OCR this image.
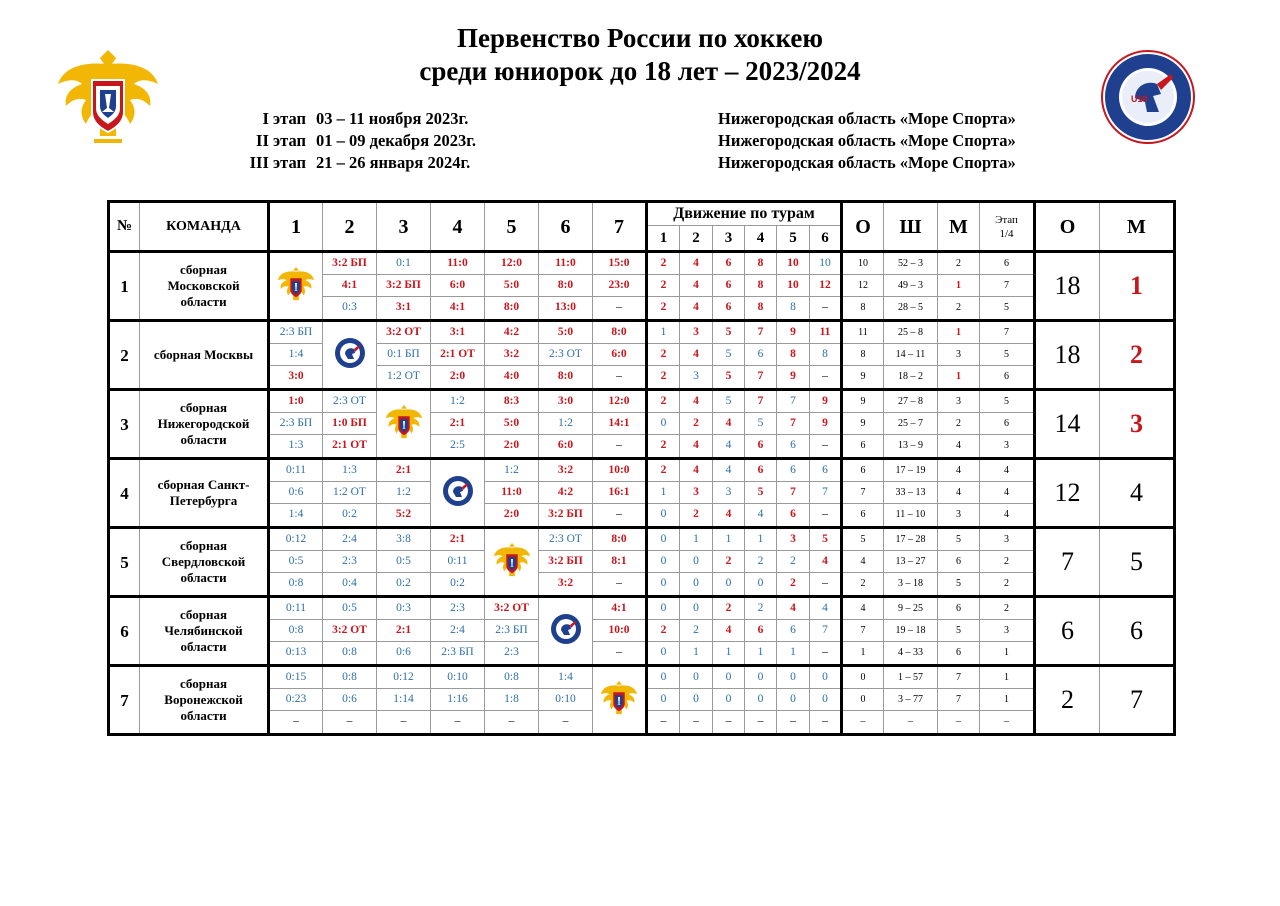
Первенство России по хоккею
среди юниорок до 18 лет – 2023/2024
U18
I этап 03 – 11 ноября 2023г.
II этап 01 – 09 декабря 2023г.
III этап 21 – 26 января 2024г.
Нижегородская область «Море Спорта»
Нижегородская область «Море Спорта»
Нижегородская область «Море Спорта»
№	КОМАНДА	1	2	3	4	5	6	7	Движение по турам						О	Ш	М	Этап 1/4	О	М
									1	2	3	4	5	6						
1	сборная Московской области		3:2 БП	0:1	11:0	12:0	11:0	15:0	2	4	6	8	10	10	10	52 – 3	2	6	18	1
			4:1	3:2 БП	6:0	5:0	8:0	23:0	2	4	6	8	10	12	12	49 – 3	1	7		
			0:3	3:1	4:1	8:0	13:0	–	2	4	6	8	8	–	8	28 – 5	2	5		
2	сборная Москвы	2:3 БП		3:2 ОТ	3:1	4:2	5:0	8:0	1	3	5	7	9	11	11	25 – 8	1	7	18	2
		1:4		0:1 БП	2:1 ОТ	3:2	2:3 ОТ	6:0	2	4	5	6	8	8	8	14 – 11	3	5		
		3:0		1:2 ОТ	2:0	4:0	8:0	–	2	3	5	7	9	–	9	18 – 2	1	6		
3	сборная Нижегородской области	1:0	2:3 ОТ		1:2	8:3	3:0	12:0	2	4	5	7	7	9	9	27 – 8	3	5	14	3
		2:3 БП	1:0 БП		2:1	5:0	1:2	14:1	0	2	4	5	7	9	9	25 – 7	2	6		
		1:3	2:1 ОТ		2:5	2:0	6:0	–	2	4	4	6	6	–	6	13 – 9	4	3		
4	сборная Санкт-Петербурга	0:11	1:3	2:1		1:2	3:2	10:0	2	4	4	6	6	6	6	17 – 19	4	4	12	4
		0:6	1:2 ОТ	1:2		11:0	4:2	16:1	1	3	3	5	7	7	7	33 – 13	4	4		
		1:4	0:2	5:2		2:0	3:2 БП	–	0	2	4	4	6	–	6	11 – 10	3	4		
5	сборная Свердловской области	0:12	2:4	3:8	2:1		2:3 ОТ	8:0	0	1	1	1	3	5	5	17 – 28	5	3	7	5
		0:5	2:3	0:5	0:11		3:2 БП	8:1	0	0	2	2	2	4	4	13 – 27	6	2		
		0:8	0:4	0:2	0:2		3:2	–	0	0	0	0	2	–	2	3 – 18	5	2		
6	сборная Челябинской области	0:11	0:5	0:3	2:3	3:2 ОТ		4:1	0	0	2	2	4	4	4	9 – 25	6	2	6	6
		0:8	3:2 ОТ	2:1	2:4	2:3 БП		10:0	2	2	4	6	6	7	7	19 – 18	5	3		
		0:13	0:8	0:6	2:3 БП	2:3		–	0	1	1	1	1	–	1	4 – 33	6	1		
7	сборная Воронежской области	0:15	0:8	0:12	0:10	0:8	1:4		0	0	0	0	0	0	0	1 – 57	7	1	2	7
		0:23	0:6	1:14	1:16	1:8	0:10		0	0	0	0	0	0	0	3 – 77	7	1		
		–	–	–	–	–	–		–	–	–	–	–	–	–	–	–	–		
